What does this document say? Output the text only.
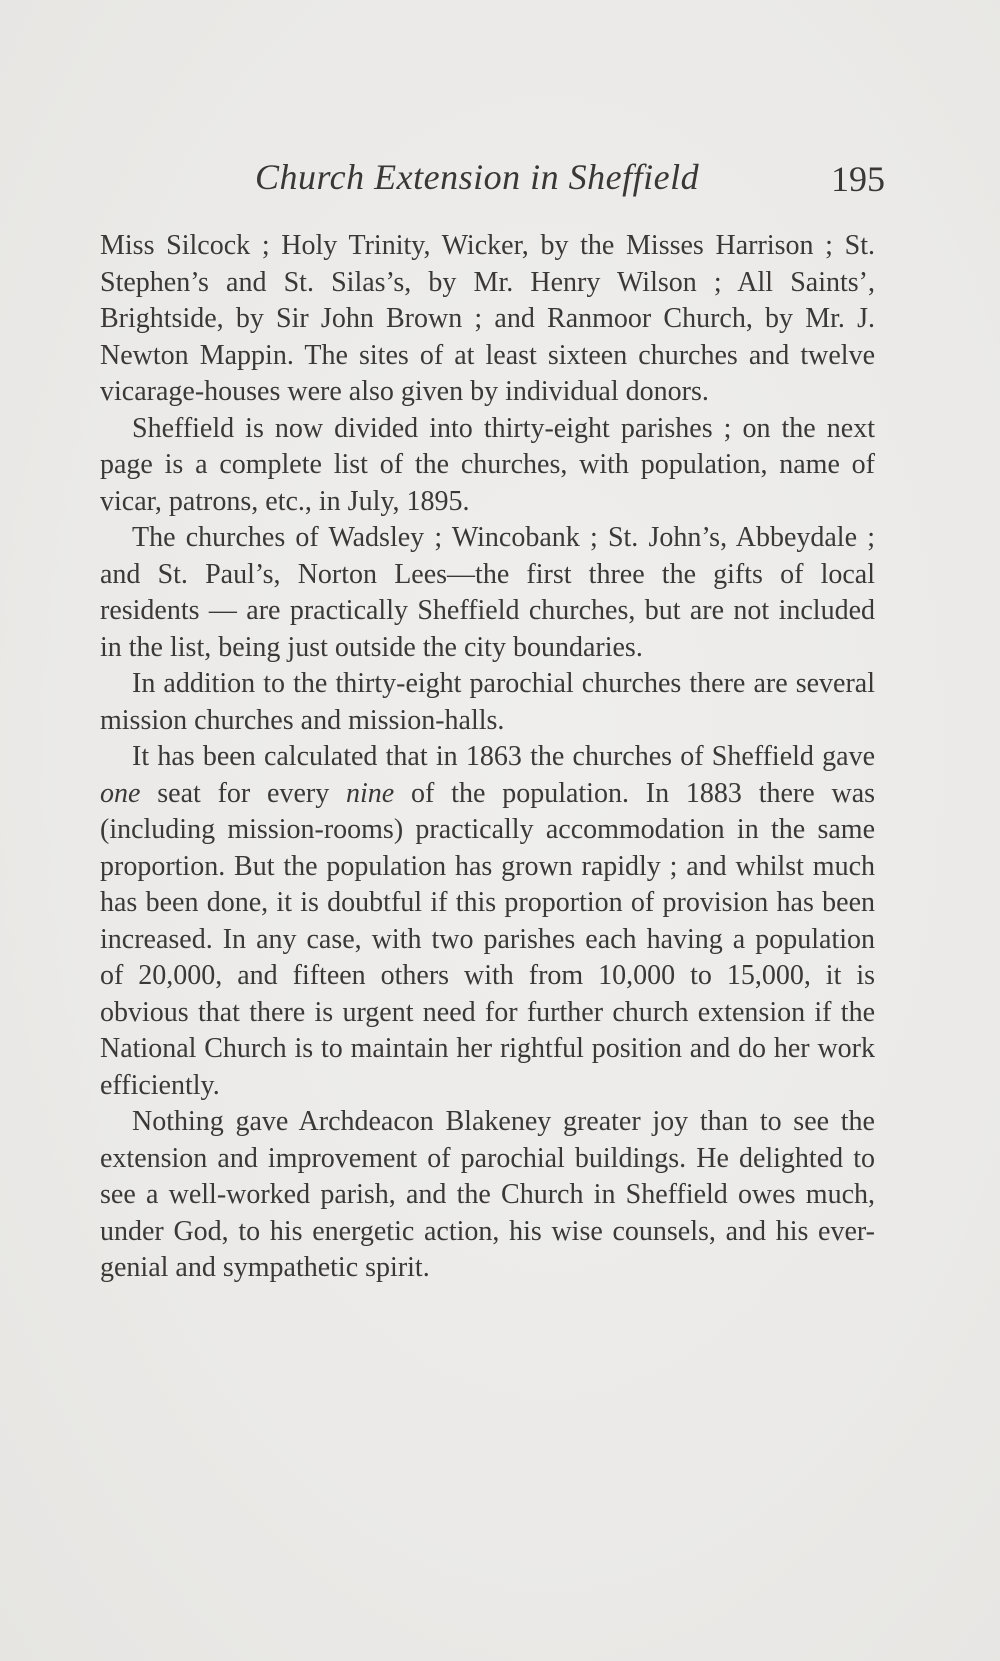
Church Extension in Sheffield	195

Miss Silcock ; Holy Trinity, Wicker, by the Misses Harrison ; St. Stephen’s and St. Silas’s, by Mr. Henry Wilson ; All Saints’, Brightside, by Sir John Brown ; and Ranmoor Church, by Mr. J. Newton Mappin. The sites of at least sixteen churches and twelve vicarage-houses were also given by individual donors.

Sheffield is now divided into thirty-eight parishes ; on the next page is a complete list of the churches, with population, name of vicar, patrons, etc., in July, 1895.

The churches of Wadsley ; Wincobank ; St. John’s, Abbeydale ; and St. Paul’s, Norton Lees—the first three the gifts of local residents — are practically Sheffield churches, but are not included in the list, being just outside the city boundaries.

In addition to the thirty-eight parochial churches there are several mission churches and mission-halls.

It has been calculated that in 1863 the churches of Sheffield gave one seat for every nine of the population. In 1883 there was (including mission-rooms) practically accommodation in the same proportion. But the population has grown rapidly ; and whilst much has been done, it is doubtful if this proportion of provision has been increased. In any case, with two parishes each having a population of 20,000, and fifteen others with from 10,000 to 15,000, it is obvious that there is urgent need for further church extension if the National Church is to maintain her rightful position and do her work efficiently.

Nothing gave Archdeacon Blakeney greater joy than to see the extension and improvement of parochial buildings. He delighted to see a well-worked parish, and the Church in Sheffield owes much, under God, to his energetic action, his wise counsels, and his ever-genial and sympathetic spirit.
